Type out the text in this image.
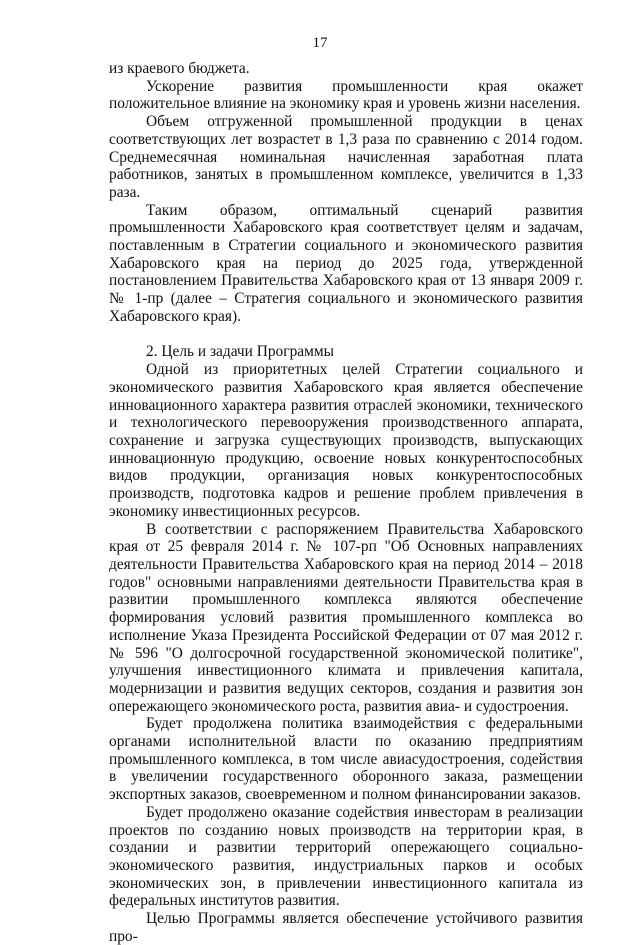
17

из краевого бюджета.

Ускорение развития промышленности края окажет положительное влияние на экономику края и уровень жизни населения.

Объем отгруженной промышленной продукции в ценах соответствующих лет возрастет в 1,3 раза по сравнению с 2014 годом. Среднемесячная номинальная начисленная заработная плата работников, занятых в промышленном комплексе, увеличится в 1,33 раза.

Таким образом, оптимальный сценарий развития промышленности Хабаровского края соответствует целям и задачам, поставленным в Стратегии социального и экономического развития Хабаровского края на период до 2025 года, утвержденной постановлением Правительства Хабаровского края от 13 января 2009 г. № 1-пр (далее – Стратегия социального и экономического развития Хабаровского края).

2. Цель и задачи Программы

Одной из приоритетных целей Стратегии социального и экономического развития Хабаровского края является обеспечение инновационного характера развития отраслей экономики, технического и технологического перевооружения производственного аппарата, сохранение и загрузка существующих производств, выпускающих инновационную продукцию, освоение новых конкурентоспособных видов продукции, организация новых конкурентоспособных производств, подготовка кадров и решение проблем привлечения в экономику инвестиционных ресурсов.

В соответствии с распоряжением Правительства Хабаровского края от 25 февраля 2014 г. № 107-рп "Об Основных направлениях деятельности Правительства Хабаровского края на период 2014 – 2018 годов" основными направлениями деятельности Правительства края в развитии промышленного комплекса являются обеспечение формирования условий развития промышленного комплекса во исполнение Указа Президента Российской Федерации от 07 мая 2012 г. № 596 "О долгосрочной государственной экономической политике", улучшения инвестиционного климата и привлечения капитала, модернизации и развития ведущих секторов, создания и развития зон опережающего экономического роста, развития авиа- и судостроения.

Будет продолжена политика взаимодействия с федеральными органами исполнительной власти по оказанию предприятиям промышленного комплекса, в том числе авиасудостроения, содействия в увеличении государственного оборонного заказа, размещении экспортных заказов, своевременном и полном финансировании заказов.

Будет продолжено оказание содействия инвесторам в реализации проектов по созданию новых производств на территории края, в создании и развитии территорий опережающего социально-экономического развития, индустриальных парков и особых экономических зон, в привлечении инвестиционного капитала из федеральных институтов развития.

Целью Программы является обеспечение устойчивого развития про-
